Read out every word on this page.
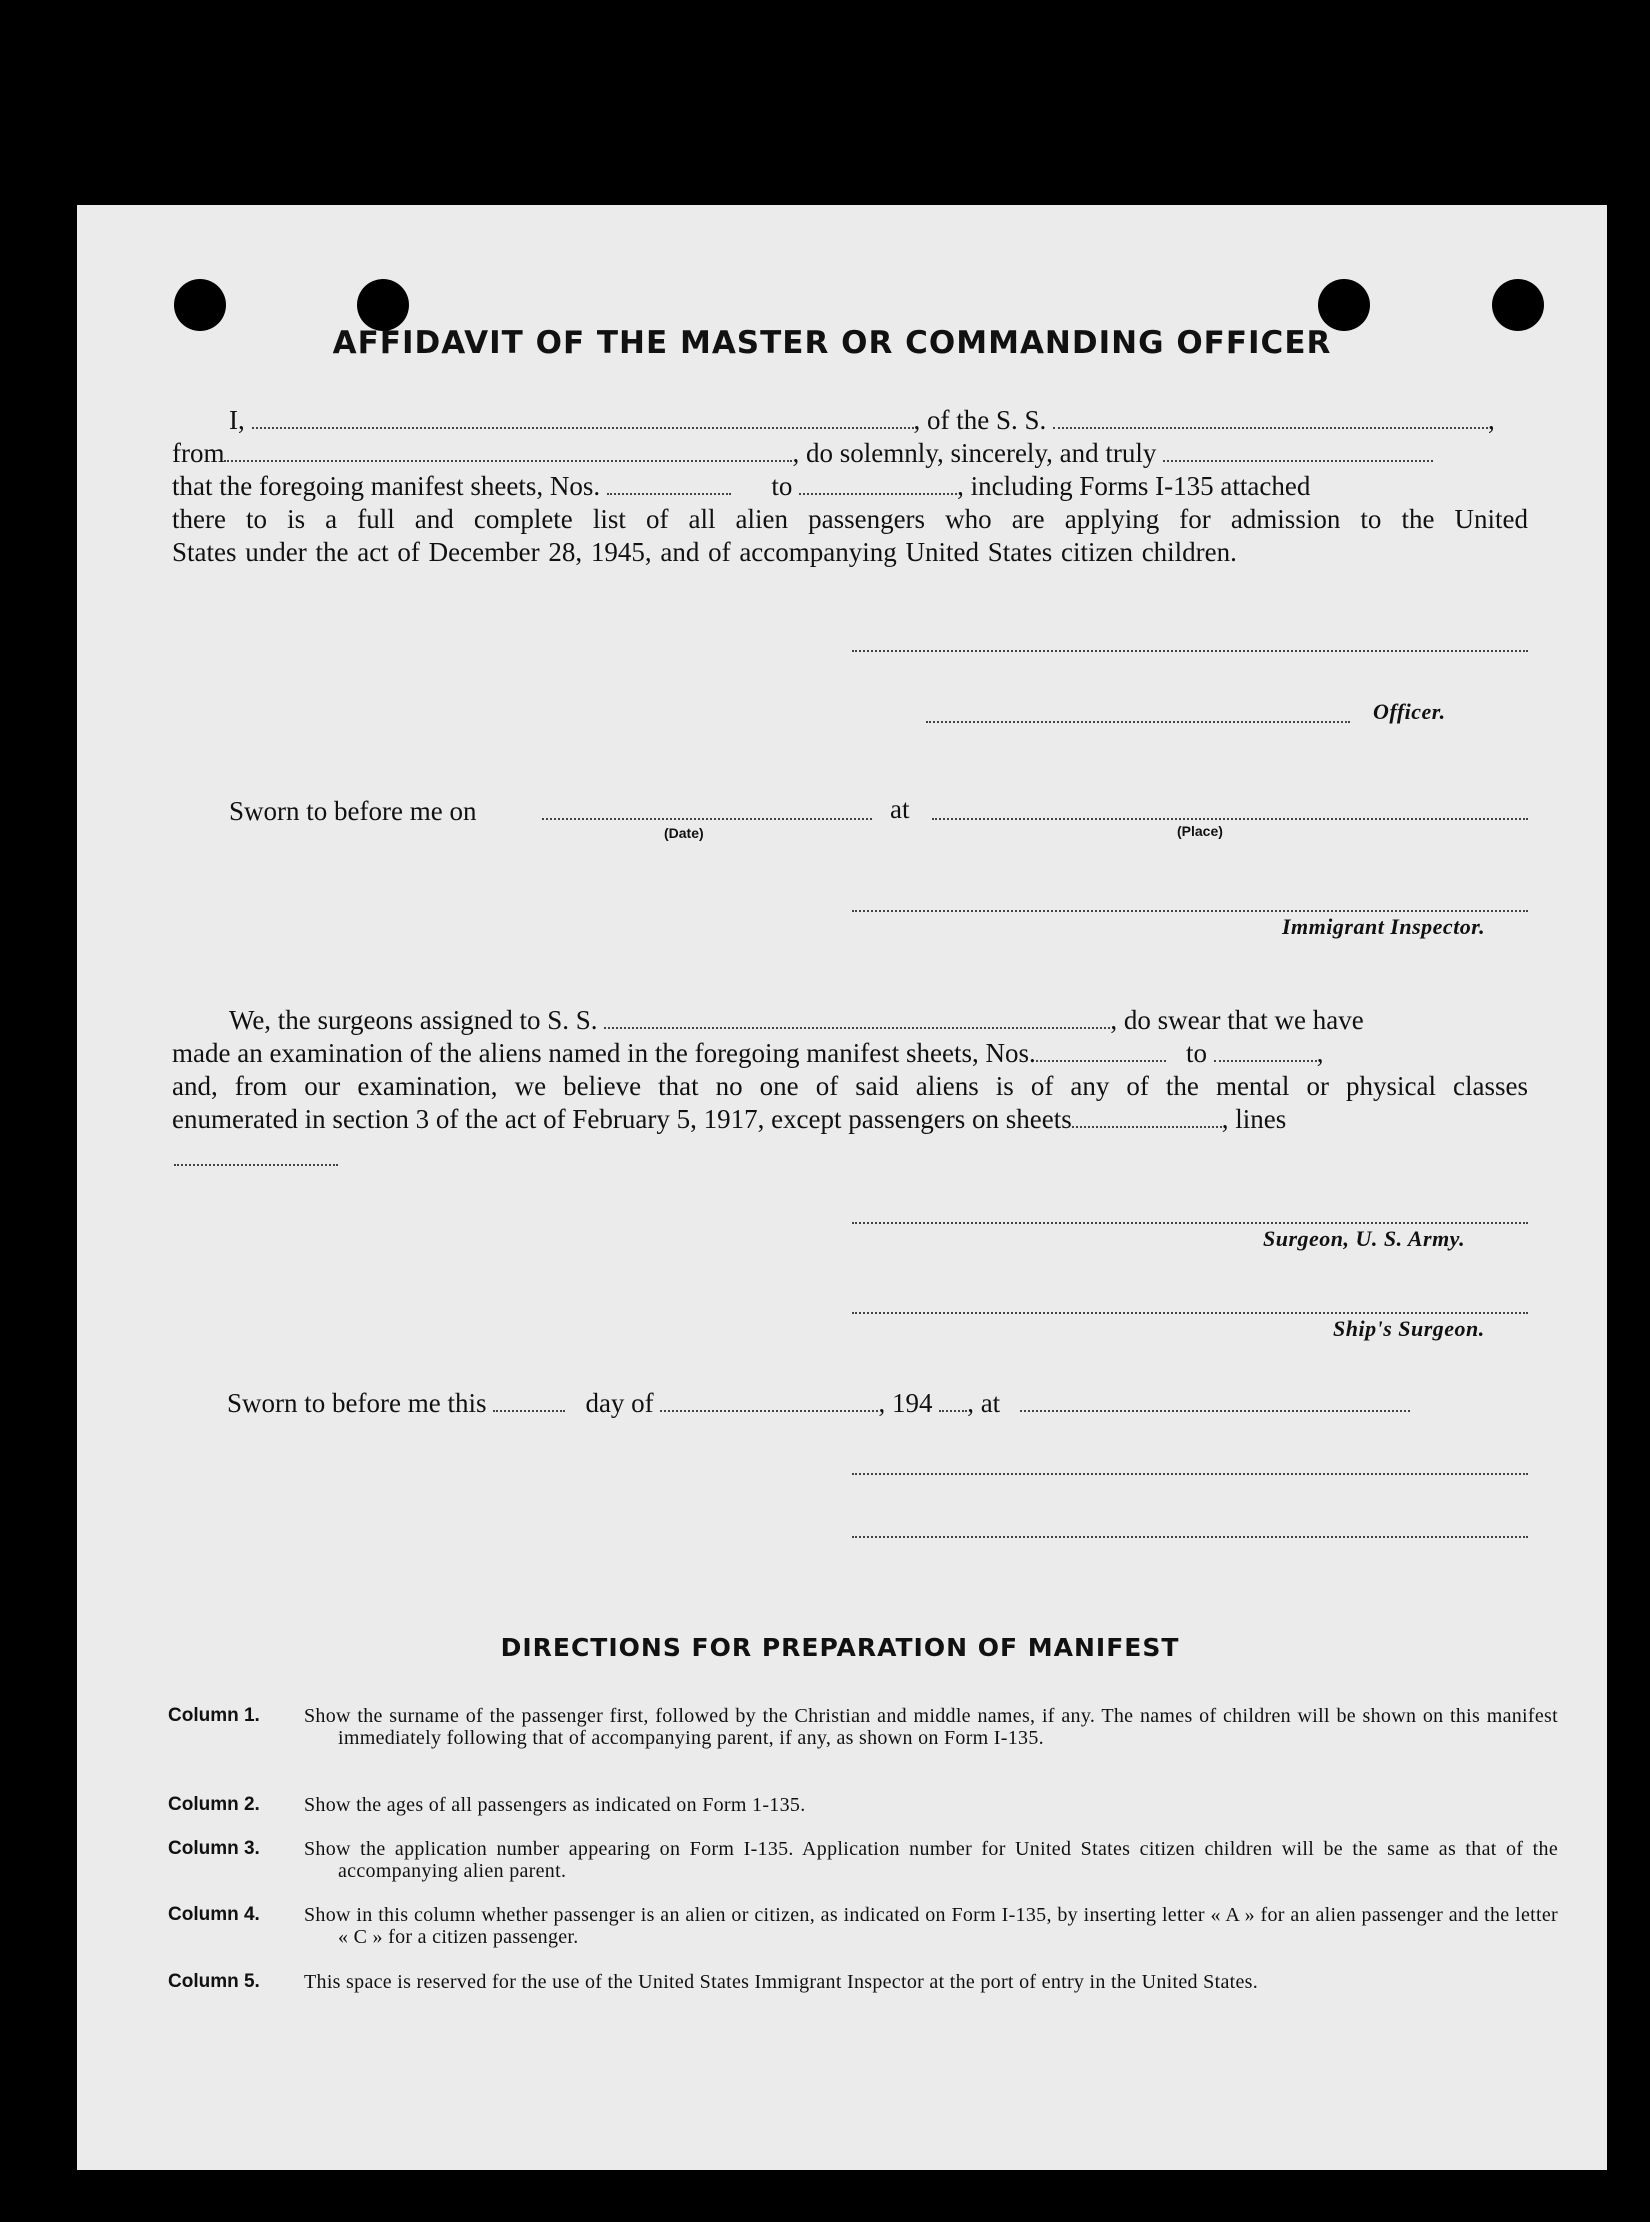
AFFIDAVIT OF THE MASTER OR COMMANDING OFFICER
I,	, of the S. S.	,
from	, do solemnly, sincerely, and truly
that the foregoing manifest sheets, Nos.	to	, including Forms I-135 attached
there to is a full and complete list of all alien passengers who are applying for admission to the United
States under the act of December 28, 1945, and of accompanying United States citizen children.
Officer.
Sworn to before me on	at
(Date)	(Place)
Immigrant Inspector.
We, the surgeons assigned to S. S.	, do swear that we have
made an examination of the aliens named in the foregoing manifest sheets, Nos.	to	,
and, from our examination, we believe that no one of said aliens is of any of the mental or physical classes
enumerated in section 3 of the act of February 5, 1917, except passengers on sheets	, lines
Surgeon, U. S. Army.
Ship's Surgeon.
Sworn to before me this	day of	, 194 , at
DIRECTIONS FOR PREPARATION OF MANIFEST
Column 1. Show the surname of the passenger first, followed by the Christian and middle names, if any. The names of children will be shown on this manifest immediately following that of accompanying parent, if any, as shown on Form I-135.
Column 2. Show the ages of all passengers as indicated on Form 1-135.
Column 3. Show the application number appearing on Form I-135. Application number for United States citizen children will be the same as that of the accompanying alien parent.
Column 4. Show in this column whether passenger is an alien or citizen, as indicated on Form I-135, by inserting letter « A » for an alien passenger and the letter « C » for a citizen passenger.
Column 5. This space is reserved for the use of the United States Immigrant Inspector at the port of entry in the United States.
